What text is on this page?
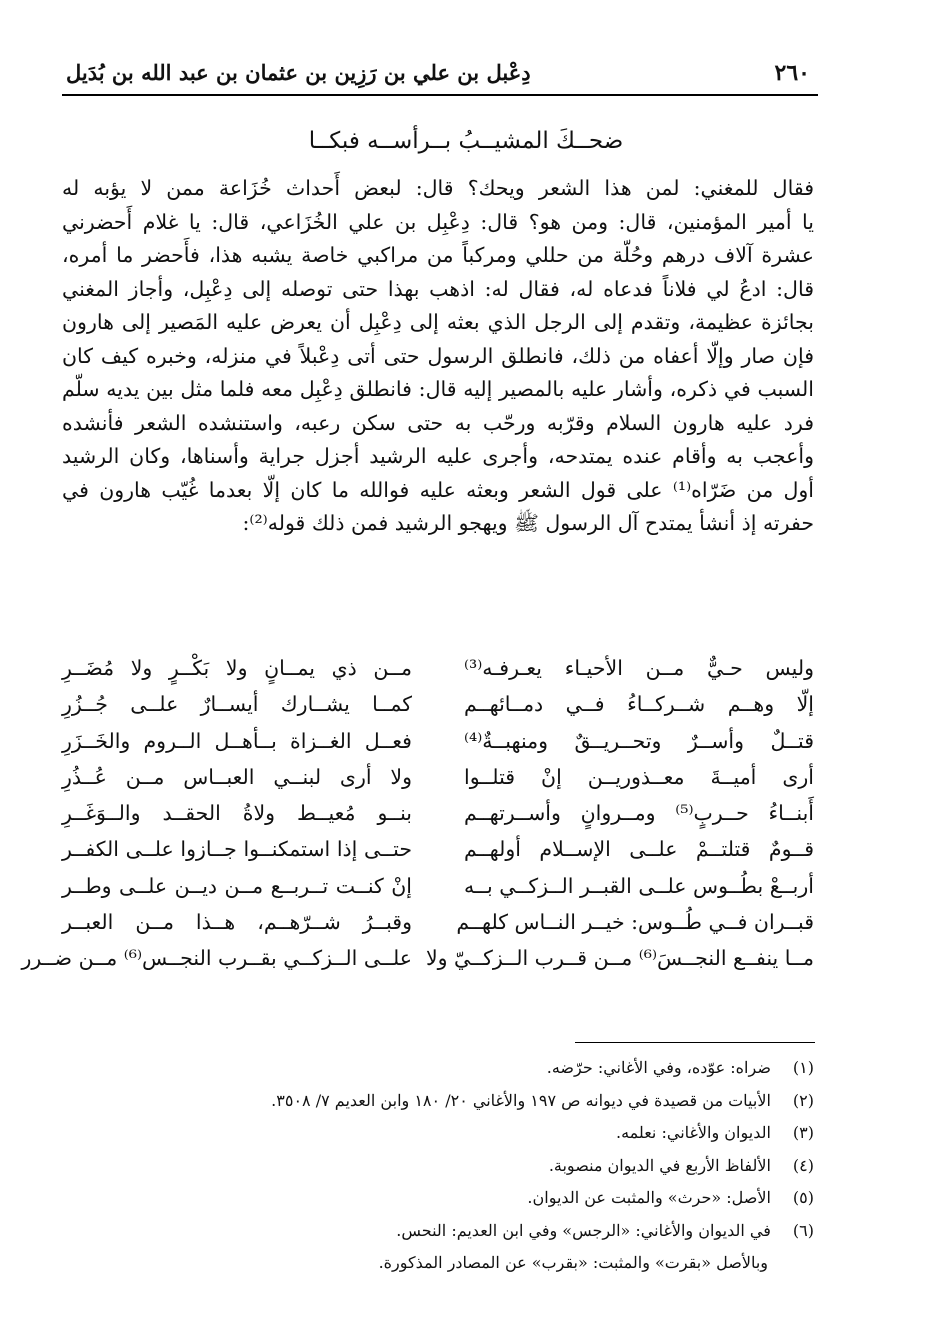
٢٦٠
دِعْبل بن علي بن رَزِين بن عثمان بن عبد الله بن بُدَيل
ضحــكَ المشيــبُ بــرأســه فبكــا

فقال للمغني: لمن هذا الشعر ويحك؟ قال: لبعض أَحداث خُزَاعة ممن لا يؤبه له

يا أمير المؤمنين، قال: ومن هو؟ قال: دِعْبِل بن علي الخُزَاعي، قال: يا غلام أَحضرني

عشرة آلاف درهم وحُلّة من حللي ومركباً من مراكبي خاصة يشبه هذا، فأَحضر ما أمره،

قال: ادعُ لي فلاناً فدعاه له، فقال له: اذهب بهذا حتى توصله إلى دِعْبِل، وأجاز المغني

بجائزة عظيمة، وتقدم إلى الرجل الذي بعثه إلى دِعْبِل أن يعرض عليه المَصير إلى هارون

فإن صار وإلّا أعفاه من ذلك، فانطلق الرسول حتى أتى دِعْبلاً في منزله، وخبره كيف كان

السبب في ذكره، وأشار عليه بالمصير إليه قال: فانطلق دِعْبِل معه فلما مثل بين يديه سلّم

فرد عليه هارون السلام وقرّبه ورحّب به حتى سكن رعبه، واستنشده الشعر فأنشده

وأعجب به وأقام عنده يمتدحه، وأجرى عليه الرشيد أجزل جراية وأسناها، وكان الرشيد

أول من ضَرّاه⁽¹⁾ على قول الشعر وبعثه عليه فوالله ما كان إلّا بعدما غُيّب هارون في

حفرته إذ أنشأ يمتدح آل الرسول ﷺ ويهجو الرشيد فمن ذلك قوله⁽²⁾:

وليس حـيٌّ مــن الأحيـاء يعـرفـه⁽³⁾
مــن ذي يمــانٍ ولا بَكْــرٍ ولا مُضَــرِ
إلّا وهــم شــركــاءُ فــي دمــائهــم
كمــا يشــارك أيســارٌ علــى جُــزُرِ
قتــلٌ وأســرٌ وتحــريــقٌ ومنهبــةٌ⁽⁴⁾
فعــل الغــزاة بــأهــل الــروم والخَــزَرِ
أرى أميــةَ معــذوريــن إنْ قتلــوا
ولا أرى لبنــي العبــاس مــن عُــذُرِ
أَبنــاءُ حــربٍ⁽⁵⁾ ومــروانٍ وأســرتهــم
بنــو مُعيــط ولاةُ الحقــد والــوَغَــرِ
قــومٌ قتلتــمْ علــى الإســلام أولهــم
حتــى إذا استمكنــوا جــازوا علــى الكفــر
أربــعْ بطُــوس علــى القبــر الــزكــي بــه
إنْ كنــت تــربــع مــن ديــن علــى وطــر
قبــران فــي طُــوس: خيــر النــاس كلهــم
وقبــرُ شــرّهــم، هــذا مــن العبــر
مــا ينفــع النجــسَ⁽⁶⁾ مــن قــرب الــزكــيّ ولا
علــى الــزكــي بقــرب النجــس⁽⁶⁾ مــن ضــرر
(١) ضراه: عوّده، وفي الأغاني: حرّضه.
(٢) الأبيات من قصيدة في ديوانه ص ١٩٧ والأغاني ٢٠/ ١٨٠ وابن العديم ٧/ ٣٥٠٨.
(٣) الديوان والأغاني: نعلمه.
(٤) الألفاظ الأربع في الديوان منصوبة.
(٥) الأصل: «حرث» والمثبت عن الديوان.
(٦) في الديوان والأغاني: «الرجس» وفي ابن العديم: النحس.
وبالأصل «بقرت» والمثبت: «بقرب» عن المصادر المذكورة.
